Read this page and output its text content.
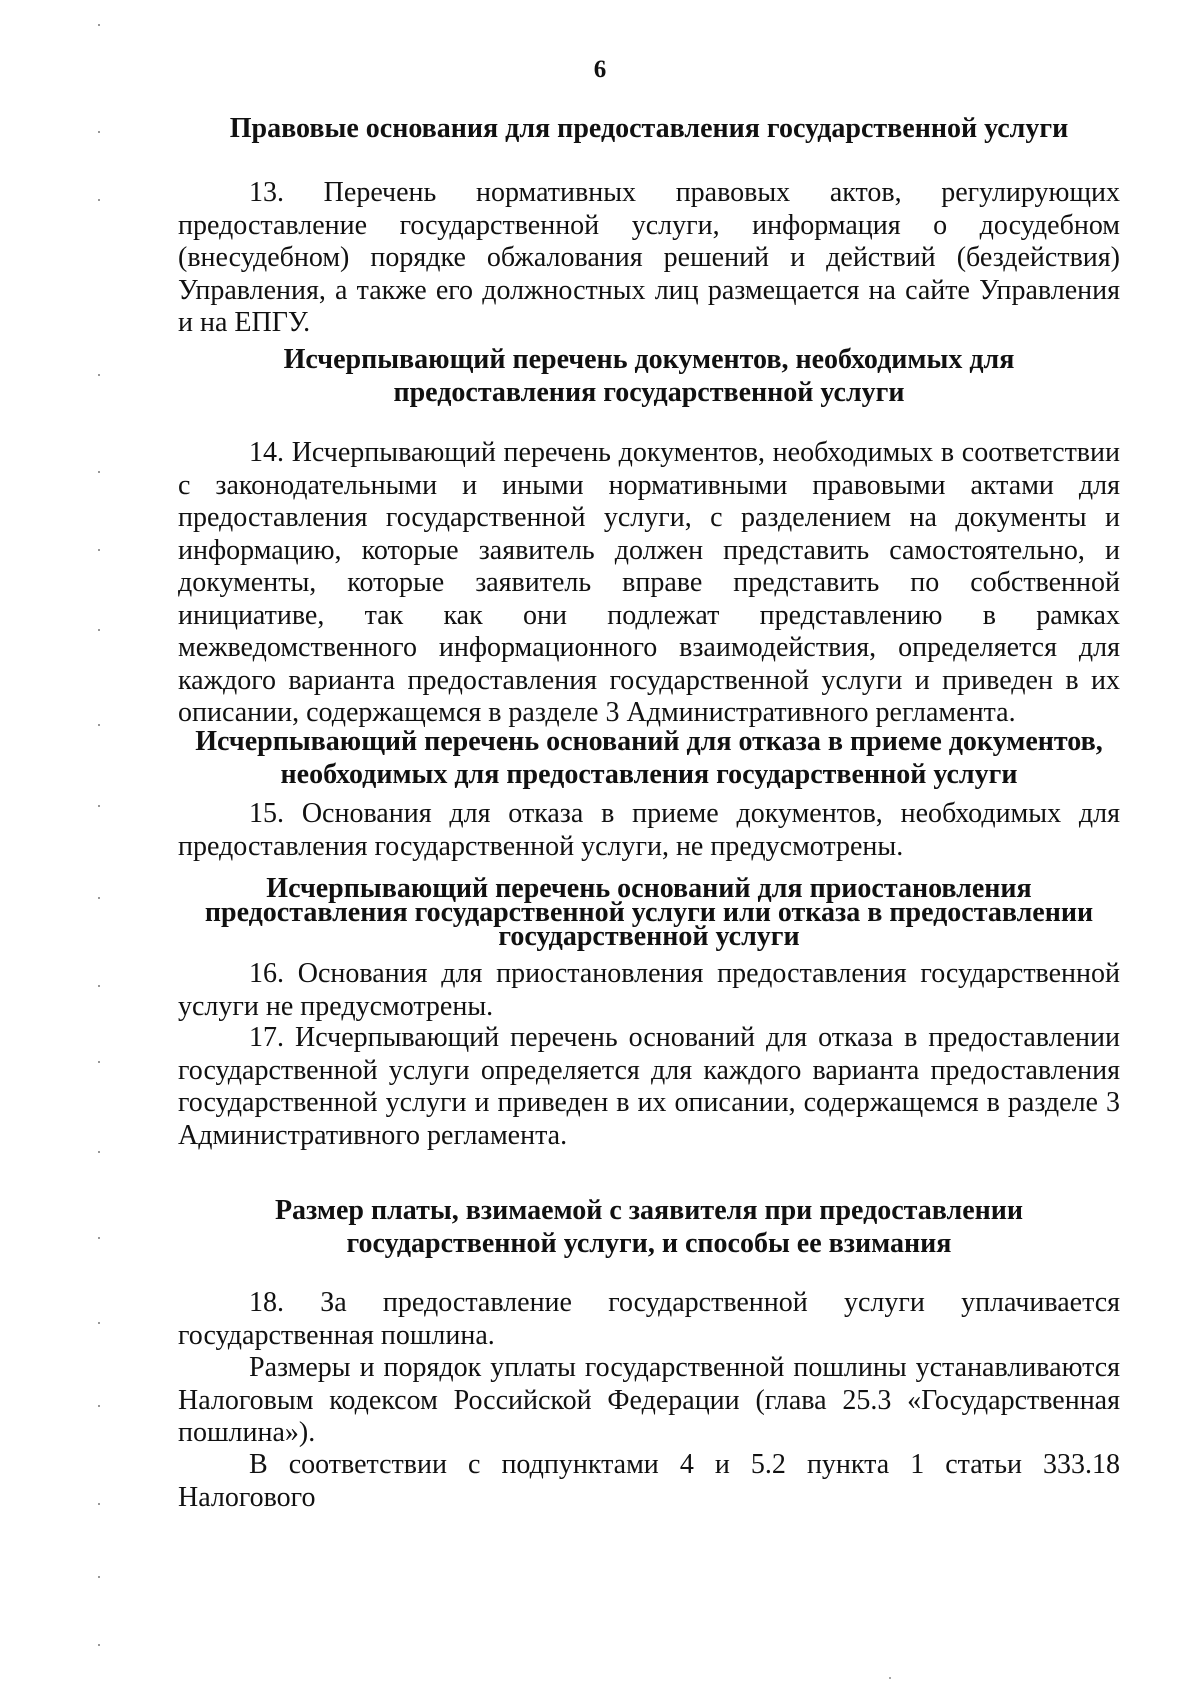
6
Правовые основания для предоставления государственной услуги
13. Перечень нормативных правовых актов, регулирующих предоставление государственной услуги, информация о досудебном (внесудебном) порядке обжалования решений и действий (бездействия) Управления, а также его должностных лиц размещается на сайте Управления и на ЕПГУ.
Исчерпывающий перечень документов, необходимых для
предоставления государственной услуги
14. Исчерпывающий перечень документов, необходимых в соответствии с законодательными и иными нормативными правовыми актами для предоставления государственной услуги, с разделением на документы и информацию, которые заявитель должен представить самостоятельно, и документы, которые заявитель вправе представить по собственной инициативе, так как они подлежат представлению в рамках межведомственного информационного взаимодействия, определяется для каждого варианта предоставления государственной услуги и приведен в их описании, содержащемся в разделе 3 Административного регламента.
Исчерпывающий перечень оснований для отказа в приеме документов,
необходимых для предоставления государственной услуги
15. Основания для отказа в приеме документов, необходимых для предоставления государственной услуги, не предусмотрены.
Исчерпывающий перечень оснований для приостановления
предоставления государственной услуги или отказа в предоставлении
государственной услуги
16. Основания для приостановления предоставления государственной услуги не предусмотрены.
17. Исчерпывающий перечень оснований для отказа в предоставлении государственной услуги определяется для каждого варианта предоставления государственной услуги и приведен в их описании, содержащемся в разделе 3 Административного регламента.
Размер платы, взимаемой с заявителя при предоставлении
государственной услуги, и способы ее взимания
18. За предоставление государственной услуги уплачивается государственная пошлина.
Размеры и порядок уплаты государственной пошлины устанавливаются Налоговым кодексом Российской Федерации (глава 25.3 «Государственная пошлина»).
В соответствии с подпунктами 4 и 5.2 пункта 1 статьи 333.18 Налогового
